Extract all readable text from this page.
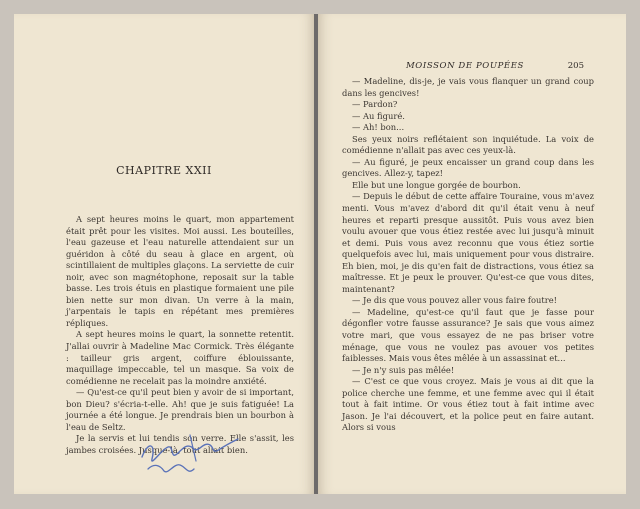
CHAPITRE XXII

A sept heures moins le quart, mon appartement était prêt pour les visites. Moi aussi. Les bouteilles, l'eau gazeuse et l'eau naturelle attendaient sur un guéridon à côté du seau à glace en argent, où scintillaient de multiples glaçons. La serviette de cuir noir, avec son magnétophone, reposait sur la table basse. Les trois étuis en plastique formaient une pile bien nette sur mon divan. Un verre à la main, j'arpentais le tapis en répétant mes premières répliques.

A sept heures moins le quart, la sonnette retentit. J'allai ouvrir à Madeline Mac Cormick. Très élégante : tailleur gris argent, coiffure éblouissante, maquillage impeccable, tel un masque. Sa voix de comédienne ne recelait pas la moindre anxiété.

— Qu'est-ce qu'il peut bien y avoir de si important, bon Dieu? s'écria-t-elle. Ah! que je suis fatiguée! La journée a été longue. Je prendrais bien un bourbon à l'eau de Seltz.

Je la servis et lui tendis son verre. Elle s'assit, les jambes croisées. Jusque-là, tout allait bien.

MOISSON DE POUPÉES	205

— Madeline, dis-je, je vais vous flanquer un grand coup dans les gencives!

— Pardon?

— Au figuré.

— Ah! bon...

Ses yeux noirs reflétaient son inquiétude. La voix de comédienne n'allait pas avec ces yeux-là.

— Au figuré, je peux encaisser un grand coup dans les gencives. Allez-y, tapez!

Elle but une longue gorgée de bourbon.

— Depuis le début de cette affaire Touraine, vous m'avez menti. Vous m'avez d'abord dit qu'il était venu à neuf heures et reparti presque aussitôt. Puis vous avez bien voulu avouer que vous étiez restée avec lui jusqu'à minuit et demi. Puis vous avez reconnu que vous étiez sortie quelquefois avec lui, mais uniquement pour vous distraire. Eh bien, moi, je dis qu'en fait de distractions, vous étiez sa maîtresse. Et je peux le prouver. Qu'est-ce que vous dites, maintenant?

— Je dis que vous pouvez aller vous faire foutre!

— Madeline, qu'est-ce qu'il faut que je fasse pour dégonfler votre fausse assurance? Je sais que vous aimez votre mari, que vous essayez de ne pas briser votre ménage, que vous ne voulez pas avouer vos petites faiblesses. Mais vous êtes mêlée à un assassinat et...

— Je n'y suis pas mêlée!

— C'est ce que vous croyez. Mais je vous ai dit que la police cherche une femme, et une femme avec qui il était tout à fait intime. Or vous étiez tout à fait intime avec Jason. Je l'ai découvert, et la police peut en faire autant. Alors si vous
